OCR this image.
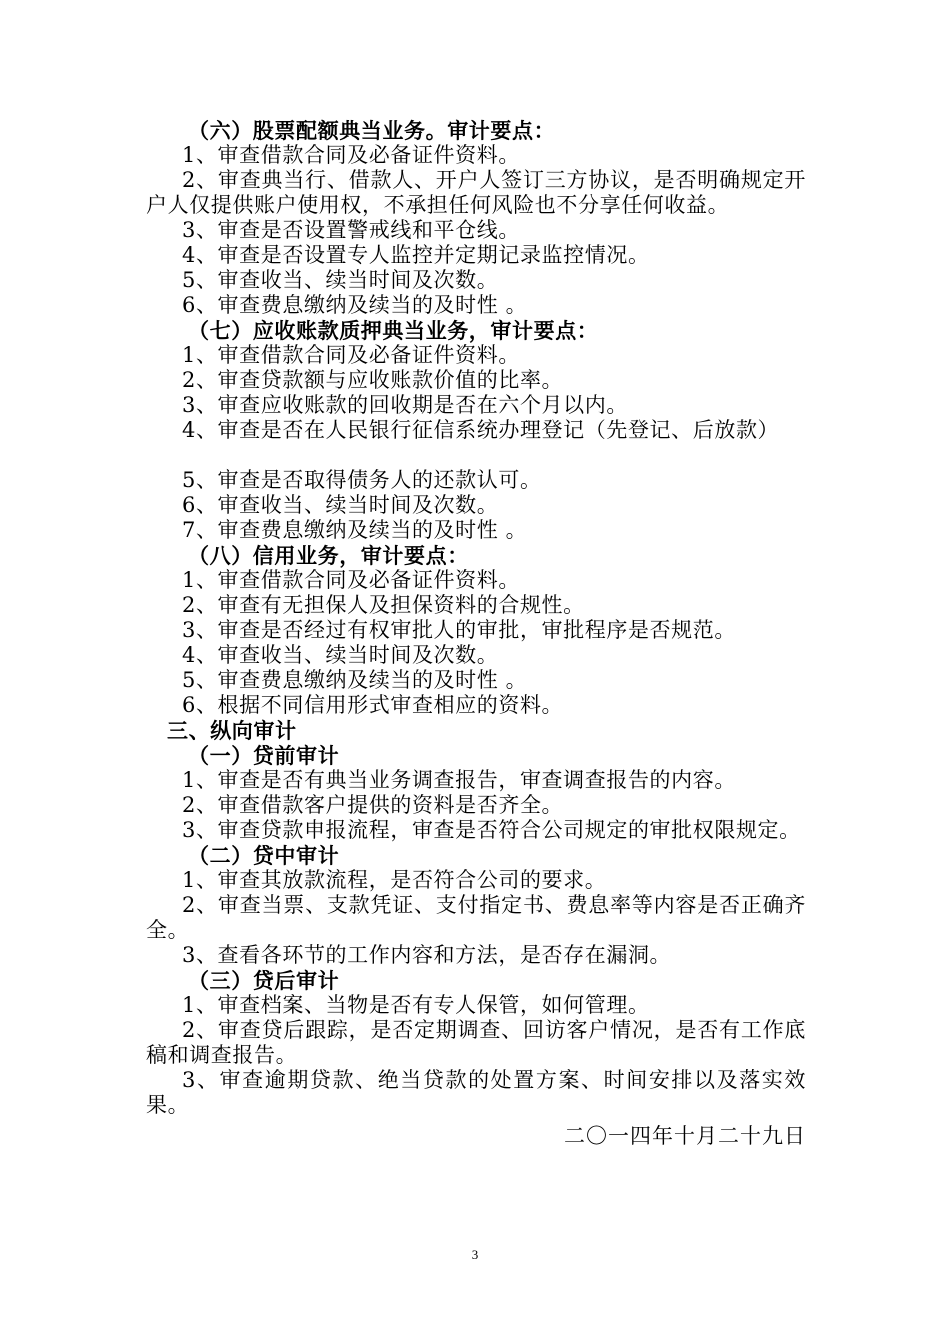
（六）股票配额典当业务。审计要点：
1、审查借款合同及必备证件资料。
2、审查典当行、借款人、开户人签订三方协议，是否明确规定开户人仅提供账户使用权，不承担任何风险也不分享任何收益。
3、审查是否设置警戒线和平仓线。
4、审查是否设置专人监控并定期记录监控情况。
5、审查收当、续当时间及次数。
6、审查费息缴纳及续当的及时性 。
（七）应收账款质押典当业务，审计要点：
1、审查借款合同及必备证件资料。
2、审查贷款额与应收账款价值的比率。
3、审查应收账款的回收期是否在六个月以内。
4、审查是否在人民银行征信系统办理登记（先登记、后放款）
5、审查是否取得债务人的还款认可。
6、审查收当、续当时间及次数。
7、审查费息缴纳及续当的及时性 。
（八）信用业务，审计要点：
1、审查借款合同及必备证件资料。
2、审查有无担保人及担保资料的合规性。
3、审查是否经过有权审批人的审批，审批程序是否规范。
4、审查收当、续当时间及次数。
5、审查费息缴纳及续当的及时性 。
6、根据不同信用形式审查相应的资料。
三、纵向审计
（一）贷前审计
1、审查是否有典当业务调查报告，审查调查报告的内容。
2、审查借款客户提供的资料是否齐全。
3、审查贷款申报流程，审查是否符合公司规定的审批权限规定。
（二）贷中审计
1、审查其放款流程，是否符合公司的要求。
2、审查当票、支款凭证、支付指定书、费息率等内容是否正确齐全。
3、查看各环节的工作内容和方法，是否存在漏洞。
（三）贷后审计
1、审查档案、当物是否有专人保管，如何管理。
2、审查贷后跟踪，是否定期调查、回访客户情况，是否有工作底稿和调查报告。
3、审查逾期贷款、绝当贷款的处置方案、时间安排以及落实效果。
二〇一四年十月二十九日
3
